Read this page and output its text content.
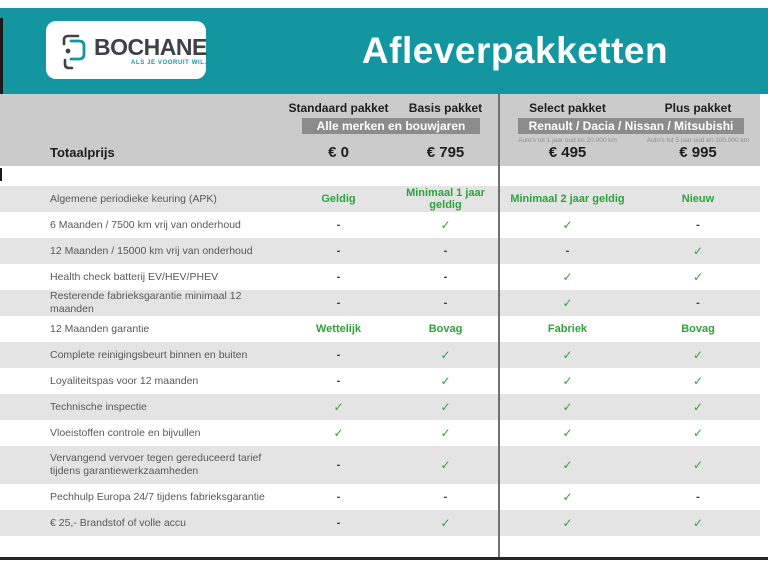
BOCHANE
ALS JE VOORUIT WIL.	Afleverpakketten
Standaard pakket	Basis pakket	Select pakket	Plus pakket
Alle merken en bouwjaren	Renault / Dacia / Nissan / Mitsubishi
Auto's tot 1 jaar oud en 20.000 km	Auto's tot 5 jaar oud en 100.000 km
Totaalprijs	€ 0	€ 795	€ 495	€ 995
Algemene periodieke keuring (APK)	Geldig	Minimaal 1 jaar geldig	Minimaal 2 jaar geldig	Nieuw
6 Maanden / 7500 km vrij van onderhoud	-	✓	✓	-
12 Maanden / 15000 km vrij van onderhoud	-	-	-	✓
Health check batterij EV/HEV/PHEV	-	-	✓	✓
Resterende fabrieksgarantie minimaal 12 maanden	-	-	✓	-
12 Maanden garantie	Wettelijk	Bovag	Fabriek	Bovag
Complete reinigingsbeurt binnen en buiten	-	✓	✓	✓
Loyaliteitspas voor 12 maanden	-	✓	✓	✓
Technische inspectie	✓	✓	✓	✓
Vloeistoffen controle en bijvullen	✓	✓	✓	✓
Vervangend vervoer tegen gereduceerd tarief tijdens garantiewerkzaamheden	-	✓	✓	✓
Pechhulp Europa 24/7 tijdens fabrieksgarantie	-	-	✓	-
€ 25,- Brandstof of volle accu	-	✓	✓	✓
